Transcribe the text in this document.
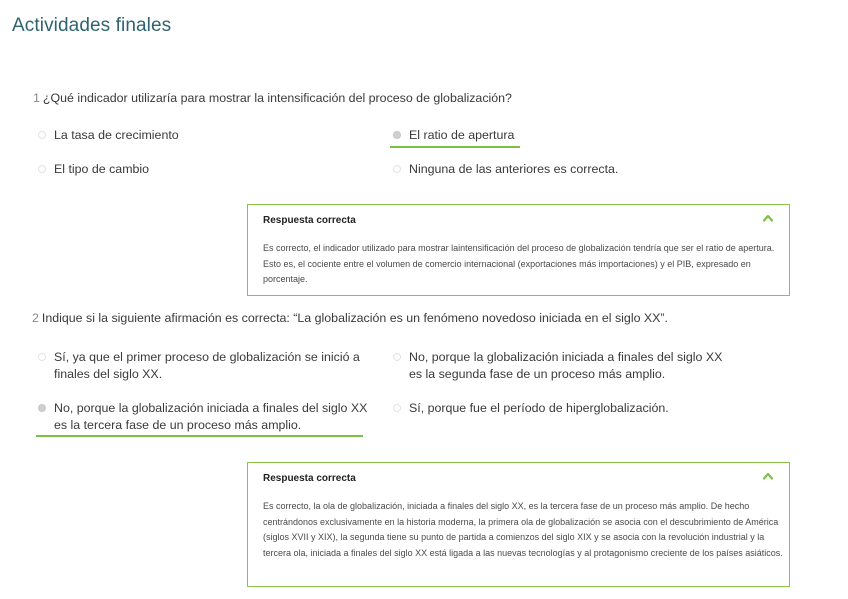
Actividades finales
1 ¿Qué indicador utilizaría para mostrar la intensificación del proceso de globalización?
La tasa de crecimiento	El ratio de apertura
El tipo de cambio	Ninguna de las anteriores es correcta.
Respuesta correcta
Es correcto, el indicador utilizado para mostrar laintensificación del proceso de globalización tendría que ser el ratio de apertura. Esto es, el cociente entre el volumen de comercio internacional (exportaciones más importaciones) y el PIB, expresado en porcentaje.
2 Indique si la siguiente afirmación es correcta: “La globalización es un fenómeno novedoso iniciada en el siglo XX”.
Sí, ya que el primer proceso de globalización se inició a finales del siglo XX.
No, porque la globalización iniciada a finales del siglo XX es la segunda fase de un proceso más amplio.
No, porque la globalización iniciada a finales del siglo XX es la tercera fase de un proceso más amplio.
Sí, porque fue el período de hiperglobalización.
Respuesta correcta
Es correcto, la ola de globalización, iniciada a finales del siglo XX, es la tercera fase de un proceso más amplio. De hecho centrándonos exclusivamente en la historia moderna, la primera ola de globalización se asocia con el descubrimiento de América (siglos XVII y XIX), la segunda tiene su punto de partida a comienzos del siglo XIX y se asocia con la revolución industrial y la tercera ola, iniciada a finales del siglo XX está ligada a las nuevas tecnologías y al protagonismo creciente de los países asiáticos.
